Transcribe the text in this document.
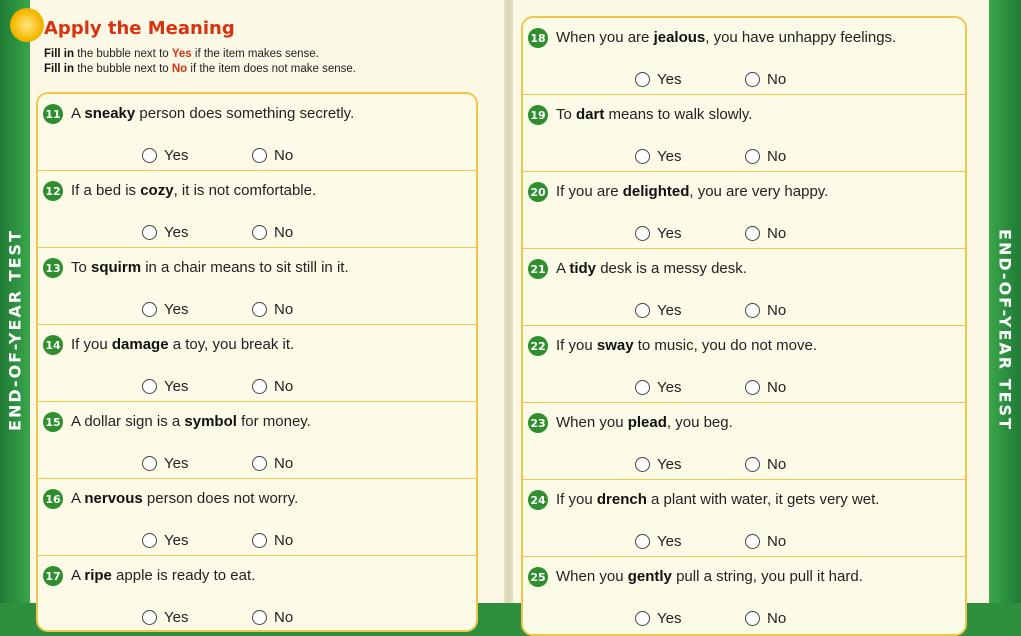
END-OF-YEAR TEST
Apply the Meaning
Fill in the bubble next to Yes if the item makes sense.
Fill in the bubble next to No if the item does not make sense.
11 A sneaky person does something secretly.
Yes	No
12 If a bed is cozy, it is not comfortable.
Yes	No
13 To squirm in a chair means to sit still in it.
Yes	No
14 If you damage a toy, you break it.
Yes	No
15 A dollar sign is a symbol for money.
Yes	No
16 A nervous person does not worry.
Yes	No
17 A ripe apple is ready to eat.
Yes	No
18 When you are jealous, you have unhappy feelings.
Yes	No
19 To dart means to walk slowly.
Yes	No
20 If you are delighted, you are very happy.
Yes	No
21 A tidy desk is a messy desk.
Yes	No
22 If you sway to music, you do not move.
Yes	No
23 When you plead, you beg.
Yes	No
24 If you drench a plant with water, it gets very wet.
Yes	No
25 When you gently pull a string, you pull it hard.
Yes	No
END-OF-YEAR TEST
